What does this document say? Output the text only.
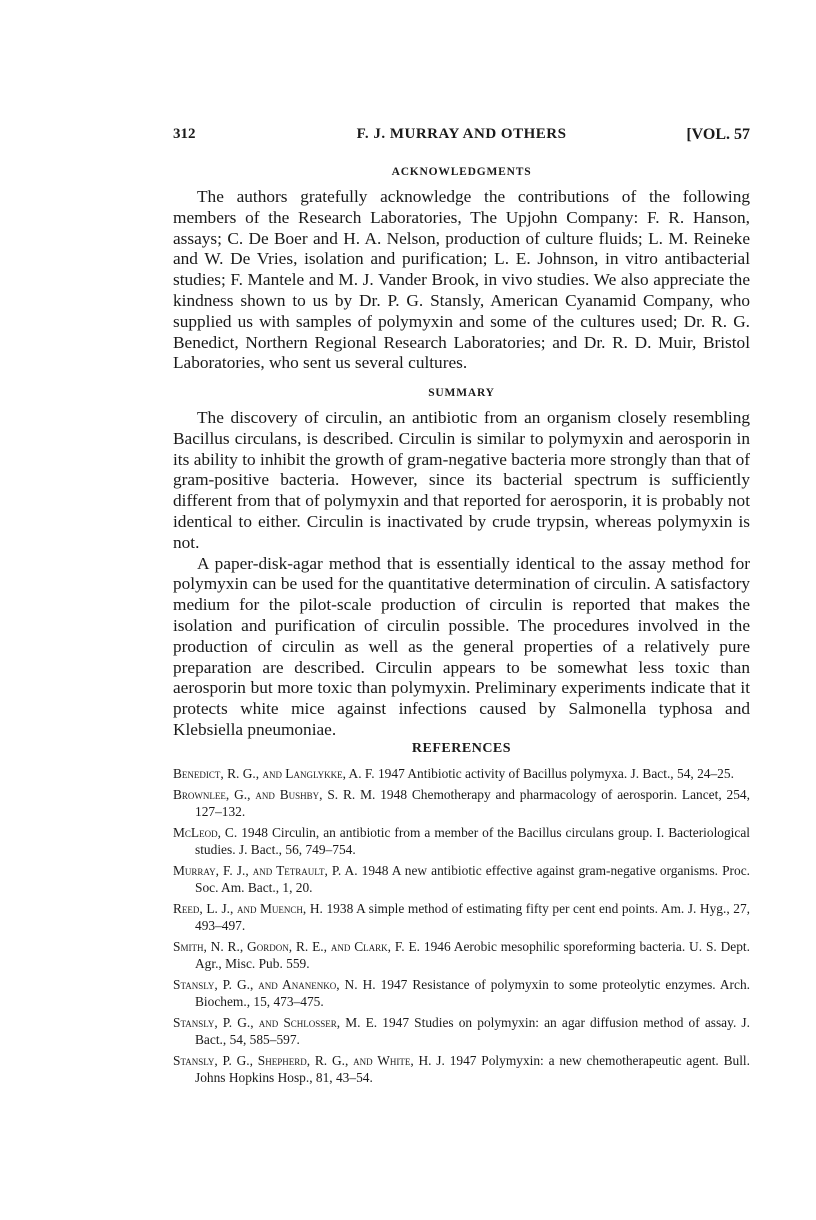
312	F. J. MURRAY AND OTHERS	[VOL. 57
ACKNOWLEDGMENTS

The authors gratefully acknowledge the contributions of the following members of the Research Laboratories, The Upjohn Company: F. R. Hanson, assays; C. De Boer and H. A. Nelson, production of culture fluids; L. M. Reineke and W. De Vries, isolation and purification; L. E. Johnson, in vitro antibacterial studies; F. Mantele and M. J. Vander Brook, in vivo studies. We also appreciate the kindness shown to us by Dr. P. G. Stansly, American Cyanamid Company, who supplied us with samples of polymyxin and some of the cultures used; Dr. R. G. Benedict, Northern Regional Research Laboratories; and Dr. R. D. Muir, Bristol Laboratories, who sent us several cultures.

SUMMARY

The discovery of circulin, an antibiotic from an organism closely resembling Bacillus circulans, is described. Circulin is similar to polymyxin and aerosporin in its ability to inhibit the growth of gram-negative bacteria more strongly than that of gram-positive bacteria. However, since its bacterial spectrum is sufficiently different from that of polymyxin and that reported for aerosporin, it is probably not identical to either. Circulin is inactivated by crude trypsin, whereas polymyxin is not.

A paper-disk-agar method that is essentially identical to the assay method for polymyxin can be used for the quantitative determination of circulin. A satisfactory medium for the pilot-scale production of circulin is reported that makes the isolation and purification of circulin possible. The procedures involved in the production of circulin as well as the general properties of a relatively pure preparation are described. Circulin appears to be somewhat less toxic than aerosporin but more toxic than polymyxin. Preliminary experiments indicate that it protects white mice against infections caused by Salmonella typhosa and Klebsiella pneumoniae.

REFERENCES
Benedict, R. G., and Langlykke, A. F. 1947 Antibiotic activity of Bacillus polymyxa. J. Bact., 54, 24–25.
Brownlee, G., and Bushby, S. R. M. 1948 Chemotherapy and pharmacology of aerosporin. Lancet, 254, 127–132.
McLeod, C. 1948 Circulin, an antibiotic from a member of the Bacillus circulans group. I. Bacteriological studies. J. Bact., 56, 749–754.
Murray, F. J., and Tetrault, P. A. 1948 A new antibiotic effective against gram-negative organisms. Proc. Soc. Am. Bact., 1, 20.
Reed, L. J., and Muench, H. 1938 A simple method of estimating fifty per cent end points. Am. J. Hyg., 27, 493–497.
Smith, N. R., Gordon, R. E., and Clark, F. E. 1946 Aerobic mesophilic sporeforming bacteria. U. S. Dept. Agr., Misc. Pub. 559.
Stansly, P. G., and Ananenko, N. H. 1947 Resistance of polymyxin to some proteolytic enzymes. Arch. Biochem., 15, 473–475.
Stansly, P. G., and Schlosser, M. E. 1947 Studies on polymyxin: an agar diffusion method of assay. J. Bact., 54, 585–597.
Stansly, P. G., Shepherd, R. G., and White, H. J. 1947 Polymyxin: a new chemotherapeutic agent. Bull. Johns Hopkins Hosp., 81, 43–54.
